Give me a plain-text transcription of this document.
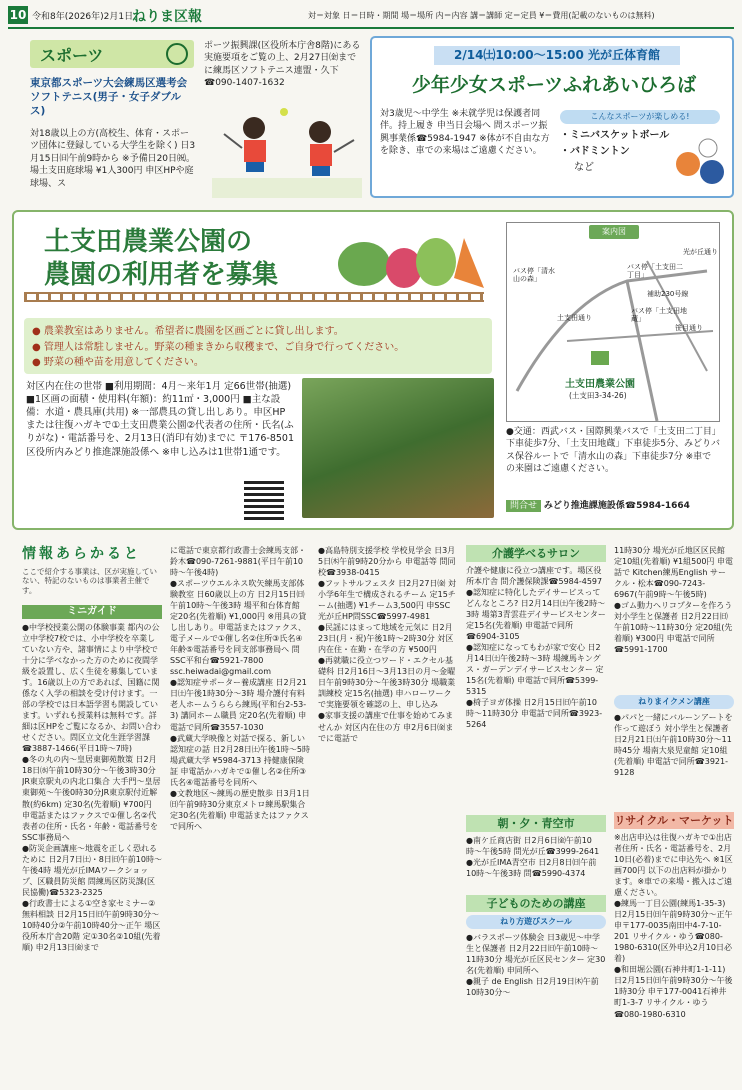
10 令和8年(2026年)2月1日
ねりま区報	対＝対象 日＝日時・期間 場＝場所 内＝内容 講＝講師 定＝定員 ¥＝費用(記載のないものは無料)
スポーツ
東京都スポーツ大会練馬区選考会 ソフトテニス(男子・女子ダブルス)
対18歳以上の方(高校生、体育・スポーツ団体に登録している大学生を除く) 日3月15日㈰午前9時から ※予備日20日㈷。場土支田庭球場 ¥1人300円 申区HPや庭球場、ス
ポーツ振興課(区役所本庁舎8階)にある実施要項をご覧の上、2月27日㈮までに練馬区ソフトテニス連盟・久下 ☎090-1407-1632
2/14㈯10:00〜15:00 光が丘体育館
少年少女スポーツふれあいひろば
対3歳児〜中学生 ※未就学児は保護者同伴。持上履き 申当日会場へ 問スポーツ振興事業係☎5984-1947 ※体が不自由な方を除き、車での来場はご遠慮ください。
こんなスポーツが楽しめる!
・ミニバスケットボール
・バドミントン
など
土支田農業公園の
農園の利用者を募集
● 農業教室はありません。希望者に農園を区画ごとに貸し出します。
● 管理人は常駐しません。野菜の種まきから収穫まで、ご自身で行ってください。
● 野菜の種や苗を用意してください。
対区内在住の世帯 ■利用期間：4月〜来年1月 定66世帯(抽選) ■1区画の面積・使用料(年額)：約11㎡・3,000円 ■主な設備：水道・農具庫(共用) ※一部農具の貸し出しあり。申区HPまたは往復ハガキで①土支田農業公園②代表者の住所・氏名(ふりがな)・電話番号を、2月13日(消印有効)までに 〒176-8501区役所内みどり推進課施設係へ ※申し込みは1世帯1通です。
案内図
バス停「清水山の森」
バス停「土支田二丁目」
補助230号線
バス停「土支田地蔵」
土支田通り
笹目通り
光が丘通り
土支田農業公園
(土支田3-34-26)
●交通：西武バス・国際興業バスで「土支田二丁目」下車徒歩7分、「土支田地蔵」下車徒歩5分、みどりバス保谷ルートで「清水山の森」下車徒歩7分 ※車での来園はご遠慮ください。
問合せ みどり推進課施設係☎5984-1664
情報あらかると
ここで紹介する事業は、区が実施していない、特記のないものは事業者主催です。
ミニガイド
●中学校授業公開の体験事業 都内の公立中学校7校では、小中学校を卒業していない方や、諸事情により中学校で十分に学べなかった方のために夜間学級を設置し、広く生徒を募集しています。16歳以上の方であれば、国籍に関係なく入学の相談を受け付けます。一部の学校では日本語学習も開設しています。いずれも授業料は無料です。詳細は区HPをご覧になるか、お問い合わせください。問区立文化生涯学習課☎3887-1466(平日1時〜7時)
●冬の丸の内〜皇居東御苑散策 日2月18日㈬午前10時30分〜午後3時30分 JR東京駅丸の内北口集合 大手門〜皇居東御苑〜午後0時30分JR東京駅付近解散(約6km) 定30名(先着順) ¥700円 申電話またはファクスで①催し名②代表者の住所・氏名・年齢・電話番号をSSC事務局へ
●防災企画講座〜地震を正しく恐れるために 日2月7日㈯・8日㈰午前10時〜午後4時 場光が丘IMAワークショップ、区職員防災館 問練馬区防災課(区民協働)☎5323-2325
●行政書士による①空き家セミナー②無料相談 日2月15日㈰午前9時30分〜10時40分②午前10時40分〜正午 場区役所本庁舎20階 定①30名②10組(先着順) 申2月13日㈮まで
に電話で東京都行政書士会練馬支部・鈴木☎090-7261-9881(平日午前10時〜午後4時)
●スポーツウエルネス吹矢練馬支部体験教室 日60歳以上の方 日2月15日㈰午前10時〜午後3時 場平和台体育館 定20名(先着順) ¥1,000円 ※用具の貸し出しあり。申電話またはファクス、電子メールで①催し名②住所③氏名④年齢⑤電話番号を同支部事務局へ 問SSC平和台☎5921-7800 ssc.heiwadai@gmail.com
●認知症サポーター養成講座 日2月21日㈯午後1時30分〜3時 場介護付有料老人ホームうららら練馬(平和台2-53-3) 講同ホーム職員 定20名(先着順) 申電話で同所☎3557-1030
●武蔵大学映像と対話で探る、新しい認知症の話 日2月28日㈯午後1時〜5時 場武蔵大学 ¥5984-3713 持健康保険証 申電話かハガキで①催し名②住所③氏名④電話番号を同所へ
●文教地区〜練馬の歴史散歩 日3月1日㈰午前9時30分東京メトロ練馬駅集合 定30名(先着順) 申電話またはファクスで同所へ
●高島特別支援学校 学校見学会 日3月5日㈭午前9時20分から 申電話等 問同校☎3938-0415
●フットサルフェスタ 日2月27日㈮ 対小学6年生で構成されるチーム 定15チーム(抽選) ¥1チーム3,500円 申SSC光が丘HP問SSC☎5997-4981
●民謡にはまって地域を元気に 日2月23日(月・祝)午後1時〜2時30分 対区内在住・在勤・在学の方 ¥500円
●再就職に役立つワード・エクセル基礎科 日2月16日〜3月13日の月〜金曜日午前9時30分〜午後3時30分 場職業訓練校 定15名(抽選) 申ハローワークで実施要領を確認の上、申し込み
●家事支援の講座で仕事を始めてみませんか 対区内在住の方 申2月6日㈮までに電話で
介護学べるサロン
介護や健康に役立つ講座です。場区役所本庁舎 問介護保険課☎5984-4597
●認知症に特化したデイサービスってどんなところ? 日2月14日㈯午後2時〜3時 場第3青雲荘デイサービスセンター 定15名(先着順) 申電話で同所☎6904-3105
●認知症になってもわが家で安心 日2月14日㈯午後2時〜3時 場練馬キングス・ガーデンデイサービスセンター 定15名(先着順) 申電話で同所☎5399-5315
●椅子ヨガ体操 日2月15日㈰午前10時〜11時30分 申電話で同所☎3923-5264
朝・夕・青空市
●南ケ丘商店街 日2月6日㈮午前10時〜午後5時 問光が丘☎3999-2641
●光が丘IMA青空市 日2月8日㈰午前10時〜午後3時 問☎5990-4374
子どものための講座
ねり方遊びスクール
●バラスポーツ体験会 日3歳児〜中学生と保護者 日2月22日㈰午前10時〜11時30分 場光が丘区民センター 定30名(先着順) 申同所へ
●親子 de English 日2月19日㈭午前10時30分〜
11時30分 場光が丘地区区民館 定10組(先着順) ¥1組500円 申電話で Kitchen練馬English サークル・松本☎090-7243-6967(午前9時〜午後5時)
●ゴム動力ヘリコプターを作ろう 対小学生と保護者 日2月22日㈰午前10時〜11時30分 定20組(先着順) ¥300円 申電話で同所☎5991-1700
ねりまイクメン講座
●パパと一緒にバルーンアートを作って遊ぼう 対小学生と保護者 日2月21日㈯午前10時30分〜11時45分 場南大泉児童館 定10組(先着順) 申電話で同所☎3921-9128
リサイクル・マーケット
※出店申込は往復ハガキで①出店者住所・氏名・電話番号を、2月10日(必着)までに申込先へ ※1区画700円 以下の出店料が掛かります。※車での来場・搬入はご遠慮ください。
●練馬一丁目公園(練馬1-35-3) 日2月15日㈰午前9時30分〜正午 申〒177-0035南田中4-7-10-201 リサイクル・ゆう☎080-1980-6310(区外申込2月10日必着)
●和田堀公園(石神井町1-1-11) 日2月15日㈰午前9時30分〜午後1時30分 申〒177-0041石神井町1-3-7 リサイクル・ゆう☎080-1980-6310
